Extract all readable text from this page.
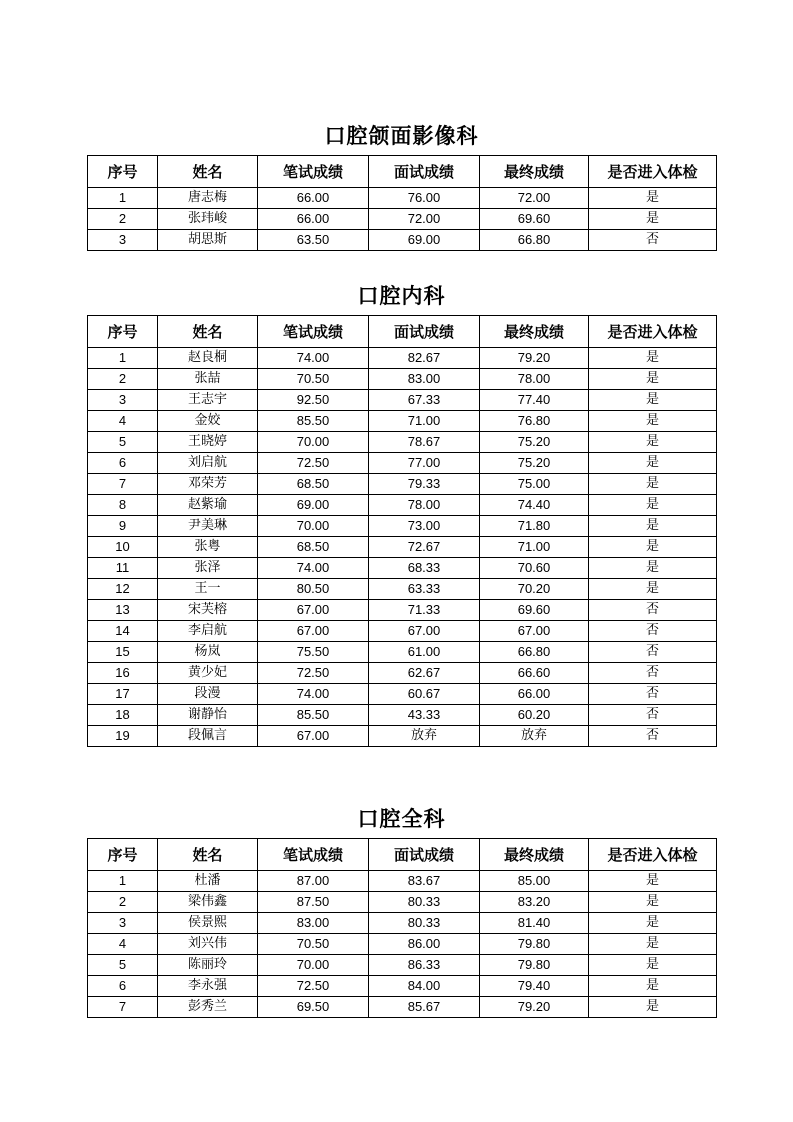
口腔颌面影像科
序号	姓名	笔试成绩	面试成绩	最终成绩	是否进入体检
1	唐志梅	66.00	76.00	72.00	是
2	张玮峻	66.00	72.00	69.60	是
3	胡思斯	63.50	69.00	66.80	否
口腔内科
序号	姓名	笔试成绩	面试成绩	最终成绩	是否进入体检
1	赵良桐	74.00	82.67	79.20	是
2	张喆	70.50	83.00	78.00	是
3	王志宇	92.50	67.33	77.40	是
4	金姣	85.50	71.00	76.80	是
5	王晓婷	70.00	78.67	75.20	是
6	刘启航	72.50	77.00	75.20	是
7	邓荣芳	68.50	79.33	75.00	是
8	赵紫瑜	69.00	78.00	74.40	是
9	尹美琳	70.00	73.00	71.80	是
10	张粤	68.50	72.67	71.00	是
11	张泽	74.00	68.33	70.60	是
12	王一	80.50	63.33	70.20	是
13	宋芙榕	67.00	71.33	69.60	否
14	李启航	67.00	67.00	67.00	否
15	杨岚	75.50	61.00	66.80	否
16	黄少妃	72.50	62.67	66.60	否
17	段漫	74.00	60.67	66.00	否
18	谢静怡	85.50	43.33	60.20	否
19	段佩言	67.00	放弃	放弃	否
口腔全科
序号	姓名	笔试成绩	面试成绩	最终成绩	是否进入体检
1	杜潘	87.00	83.67	85.00	是
2	梁伟鑫	87.50	80.33	83.20	是
3	侯景熙	83.00	80.33	81.40	是
4	刘兴伟	70.50	86.00	79.80	是
5	陈丽玲	70.00	86.33	79.80	是
6	李永强	72.50	84.00	79.40	是
7	彭秀兰	69.50	85.67	79.20	是
